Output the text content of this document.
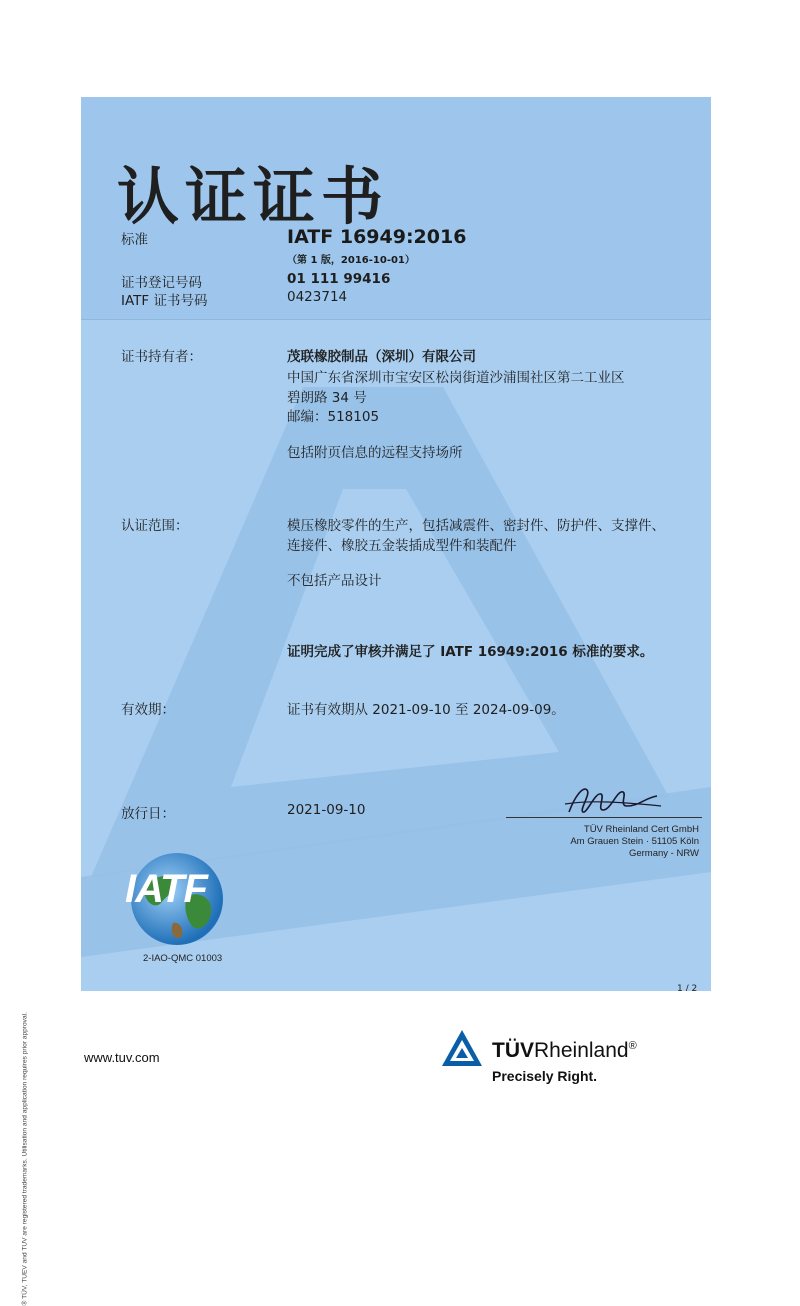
认证证书
标准	IATF 16949:2016
（第 1 版，2016-10-01）
证书登记号码	01 111 99416
IATF 证书号码	0423714
证书持有者：	茂联橡胶制品（深圳）有限公司
中国广东省深圳市宝安区松岗街道沙浦围社区第二工业区
碧朗路 34 号
邮编：518105
包括附页信息的远程支持场所
认证范围：	模压橡胶零件的生产，包括减震件、密封件、防护件、支撑件、
连接件、橡胶五金装插成型件和装配件
不包括产品设计
证明完成了审核并满足了 IATF 16949:2016 标准的要求。
有效期：	证书有效期从 2021-09-10 至 2024-09-09。
放行日：	2021-09-10
TÜV Rheinland Cert GmbH
Am Grauen Stein · 51105 Köln
Germany - NRW
IATF
2-IAO-QMC 01003
1 / 2
® TÜV, TUEV and TUV are registered trademarks. Utilisation and application requires prior approval.	www.tuv.com	TÜVRheinland®
Precisely Right.
